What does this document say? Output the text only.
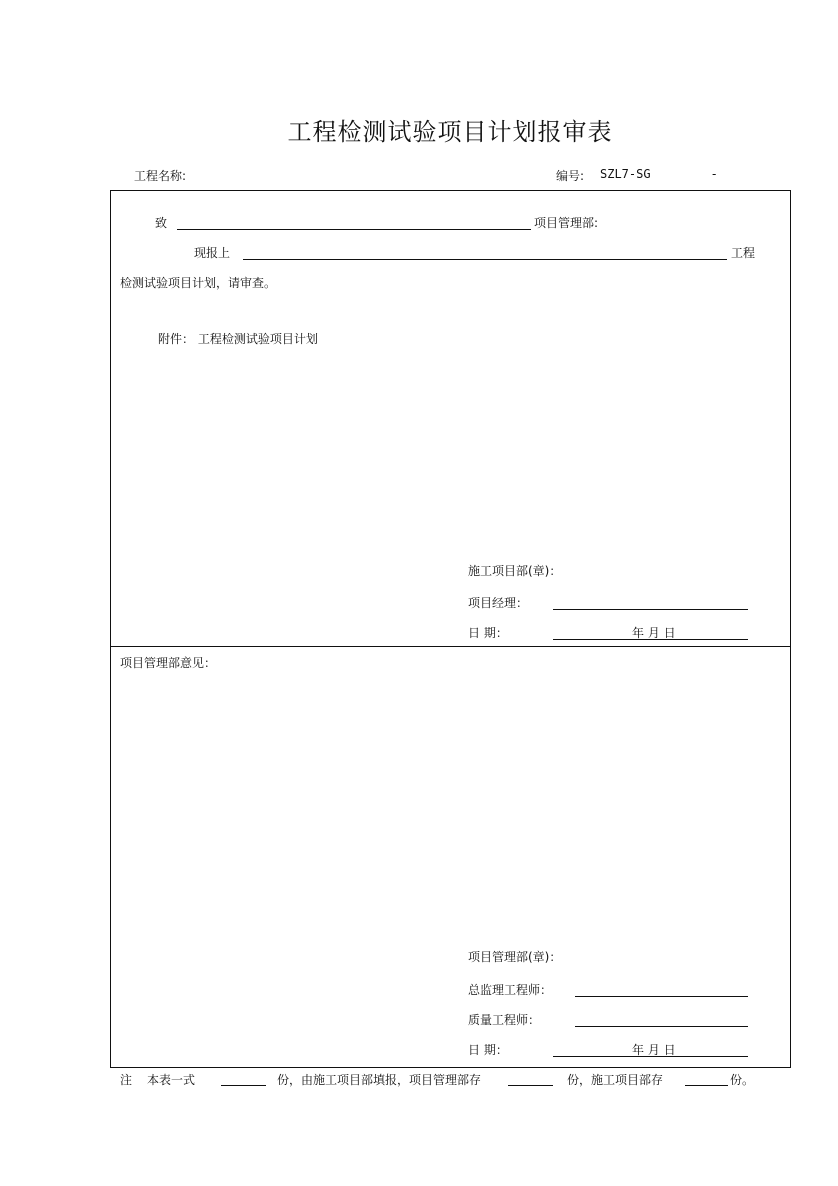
工程检测试验项目计划报审表
工程名称:	编号: SZL7-SG	-
致	项目管理部:
现报上	工程
检测试验项目计划，请审查。
附件： 工程检测试验项目计划
施工项目部(章)：
项目经理：
日 期：	年 月 日
项目管理部意见：
项目管理部(章)：
总监理工程师：
质量工程师：
日 期：	年 月 日
注 本表一式	份，由施工项目部填报，项目管理部存	份，施工项目部存	份。
